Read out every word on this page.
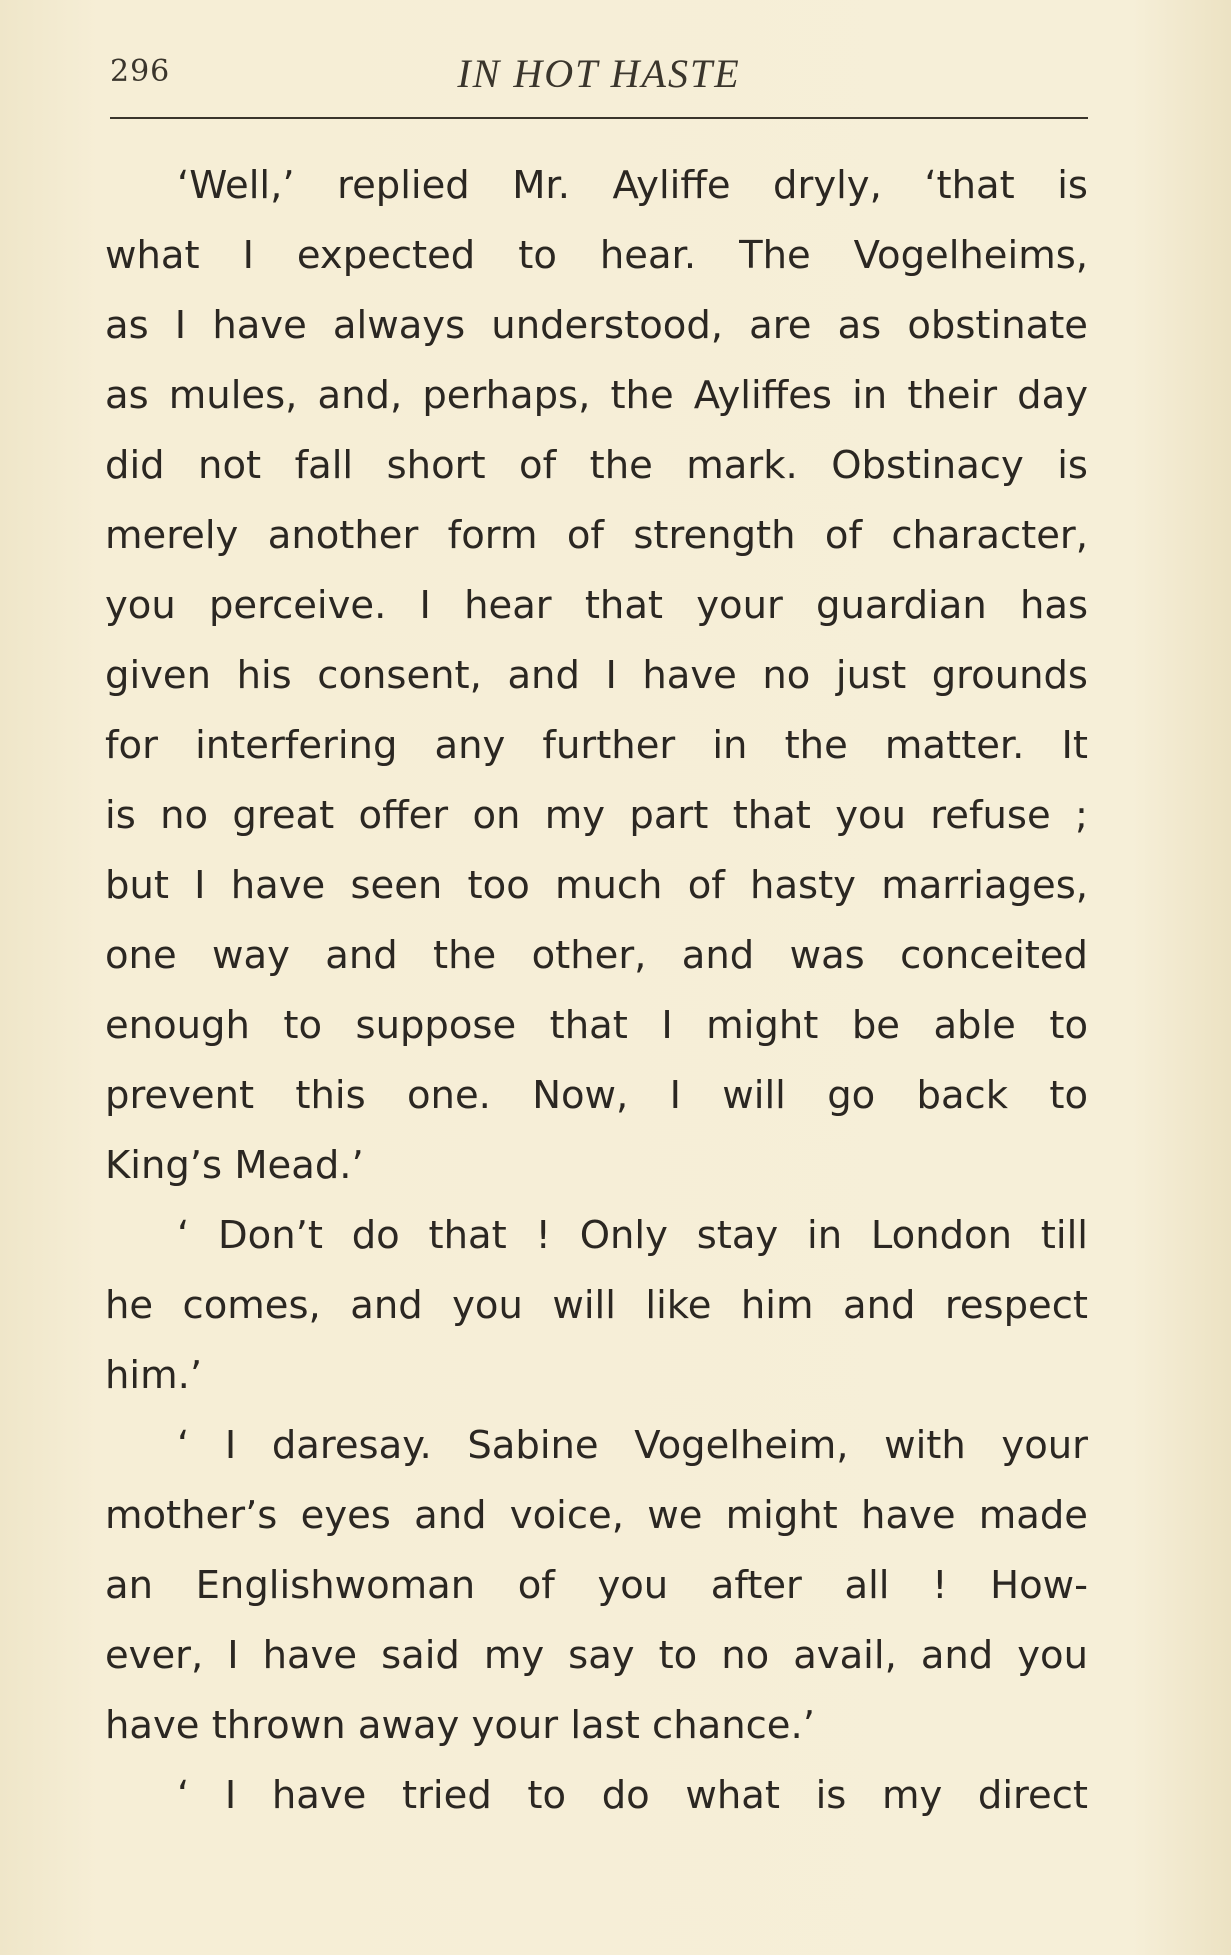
296	IN HOT HASTE
‘Well,’ replied Mr. Ayliffe dryly, ‘that is
what I expected to hear. The Vogelheims,
as I have always understood, are as obstinate
as mules, and, perhaps, the Ayliffes in their day
did not fall short of the mark. Obstinacy is
merely another form of strength of character,
you perceive. I hear that your guardian has
given his consent, and I have no just grounds
for interfering any further in the matter. It
is no great offer on my part that you refuse ;
but I have seen too much of hasty marriages,
one way and the other, and was conceited
enough to suppose that I might be able to
prevent this one. Now, I will go back to
King’s Mead.’
‘ Don’t do that ! Only stay in London till
he comes, and you will like him and respect
him.’
‘ I daresay. Sabine Vogelheim, with your
mother’s eyes and voice, we might have made
an Englishwoman of you after all ! How-
ever, I have said my say to no avail, and you
have thrown away your last chance.’
‘ I have tried to do what is my direct
